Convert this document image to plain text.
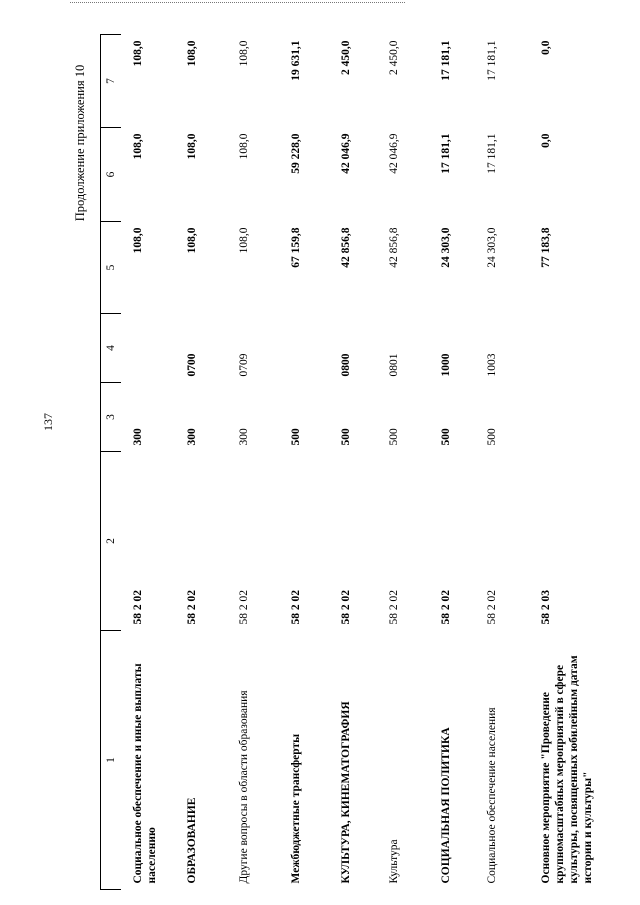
137
Продолжение приложения 10
1	2	3	4	5	6	7
Социальное обеспечение и иные выплаты населению	58 2 02	300		108,0	108,0	108,0
ОБРАЗОВАНИЕ	58 2 02	300	0700	108,0	108,0	108,0
Другие вопросы в области образования	58 2 02	300	0709	108,0	108,0	108,0
Межбюджетные трансферты	58 2 02	500		67 159,8	59 228,0	19 631,1
КУЛЬТУРА, КИНЕМАТОГРАФИЯ	58 2 02	500	0800	42 856,8	42 046,9	2 450,0
Культура	58 2 02	500	0801	42 856,8	42 046,9	2 450,0
СОЦИАЛЬНАЯ ПОЛИТИКА	58 2 02	500	1000	24 303,0	17 181,1	17 181,1
Социальное обеспечение населения	58 2 02	500	1003	24 303,0	17 181,1	17 181,1
Основное мероприятие "Проведение крупномасштабных мероприятий в сфере культуры, посвященных юбилейным датам истории и культуры"	58 2 03			77 183,8	0,0	0,0
